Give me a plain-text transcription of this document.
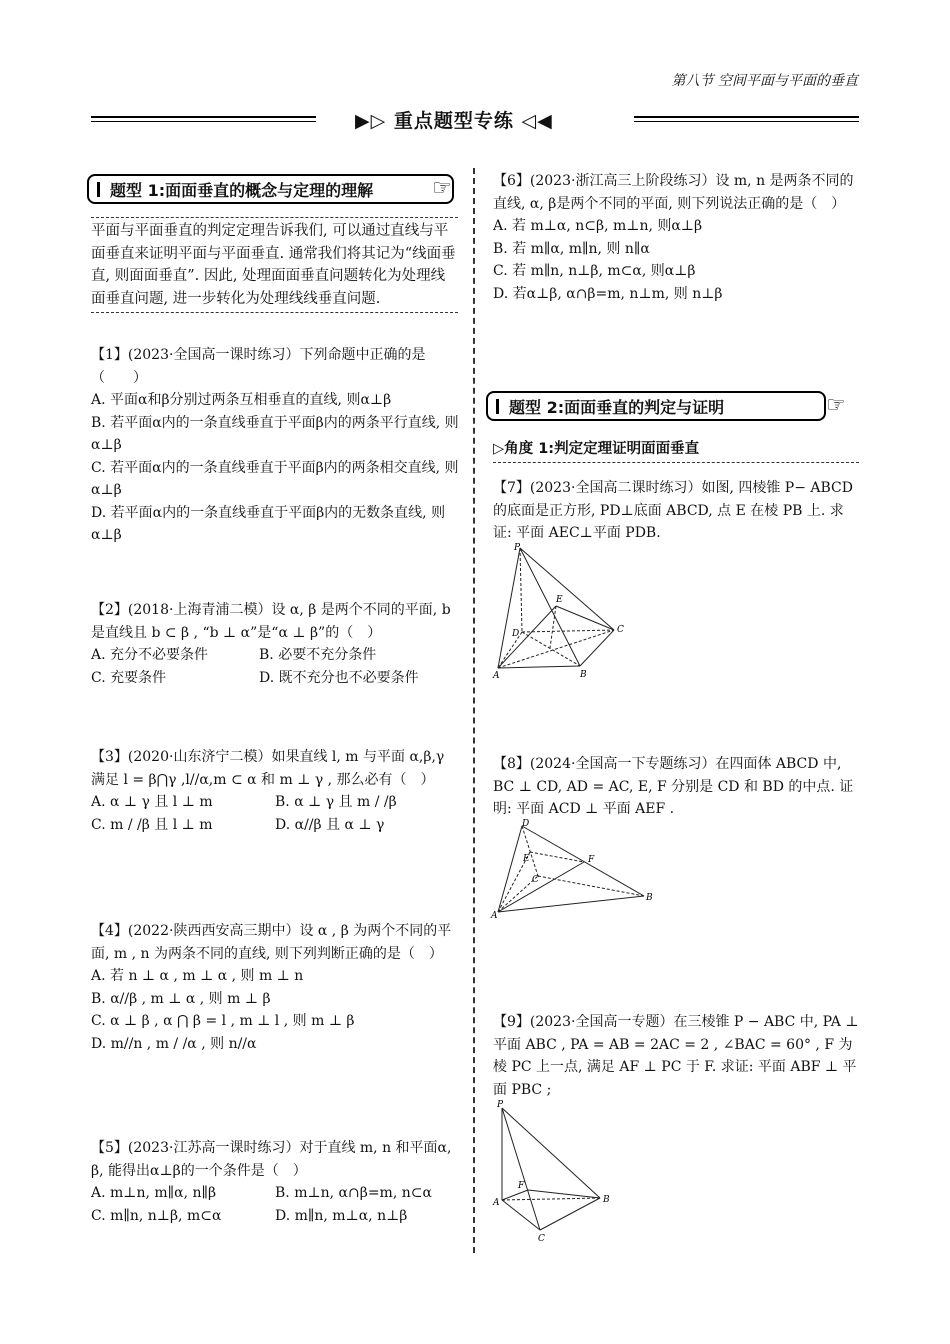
第八节 空间平面与平面的垂直
▶▷ 重点题型专练 ◁◀
题型 1:面面垂直的概念与定理的理解	☞
平面与平面垂直的判定定理告诉我们, 可以通过直线与平面垂直来证明平面与平面垂直. 通常我们将其记为“线面垂直, 则面面垂直”. 因此, 处理面面垂直问题转化为处理线面垂直问题, 进一步转化为处理线线垂直问题.

【1】(2023·全国高一课时练习）下列命题中正确的是（　　）

A. 平面α和β分别过两条互相垂直的直线, 则α⊥β

B. 若平面α内的一条直线垂直于平面β内的两条平行直线, 则α⊥β

C. 若平面α内的一条直线垂直于平面β内的两条相交直线, 则α⊥β

D. 若平面α内的一条直线垂直于平面β内的无数条直线, 则α⊥β

【2】(2018·上海青浦二模）设 α, β 是两个不同的平面, b 是直线且 b ⊂ β , “b ⊥ α”是“α ⊥ β”的（　）

A. 充分不必要条件	B. 必要不充分条件
C. 充要条件	D. 既不充分也不必要条件

【3】(2020·山东济宁二模）如果直线 l, m 与平面 α,β,γ 满足 l = β⋂γ ,l//α,m ⊂ α 和 m ⊥ γ , 那么必有（　）

A. α ⊥ γ 且 l ⊥ m	B. α ⊥ γ 且 m / /β
C. m / /β 且 l ⊥ m	D. α//β 且 α ⊥ γ

【4】(2022·陕西西安高三期中）设 α , β 为两个不同的平面, m , n 为两条不同的直线, 则下列判断正确的是（　）

A. 若 n ⊥ α , m ⊥ α , 则 m ⊥ n

B. α//β , m ⊥ α , 则 m ⊥ β

C. α ⊥ β , α ⋂ β = l , m ⊥ l , 则 m ⊥ β

D. m//n , m / /α , 则 n//α

【5】(2023·江苏高一课时练习）对于直线 m, n 和平面α, β, 能得出α⊥β的一个条件是（　）

A. m⊥n, m∥α, n∥β	B. m⊥n, α∩β=m, n⊂α
C. m∥n, n⊥β, m⊂α	D. m∥n, m⊥α, n⊥β

【6】(2023·浙江高三上阶段练习）设 m, n 是两条不同的直线, α, β是两个不同的平面, 则下列说法正确的是（　）

A. 若 m⊥α, n⊂β, m⊥n, 则α⊥β

B. 若 m∥α, m∥n, 则 n∥α

C. 若 m∥n, n⊥β, m⊂α, 则α⊥β

D. 若α⊥β, α∩β=m, n⊥m, 则 n⊥β

题型 2:面面垂直的判定与证明	☞
▷角度 1:判定定理证明面面垂直

【7】(2023·全国高二课时练习）如图, 四棱锥 P− ABCD 的底面是正方形, PD⊥底面 ABCD, 点 E 在棱 PB 上. 求证: 平面 AEC⊥平面 PDB.

P
E
D	C
A	B

【8】(2024·全国高一下专题练习）在四面体 ABCD 中, BC ⊥ CD, AD = AC, E, F 分别是 CD 和 BD 的中点. 证明: 平面 ACD ⊥ 平面 AEF .

D
E	F
C
A
B

【9】(2023·全国高一专题）在三棱锥 P − ABC 中, PA ⊥ 平面 ABC , PA = AB = 2AC = 2 , ∠BAC = 60° , F 为棱 PC 上一点, 满足 AF ⊥ PC 于 F. 求证: 平面 ABF ⊥ 平面 PBC ;

P
F
A	B
C
